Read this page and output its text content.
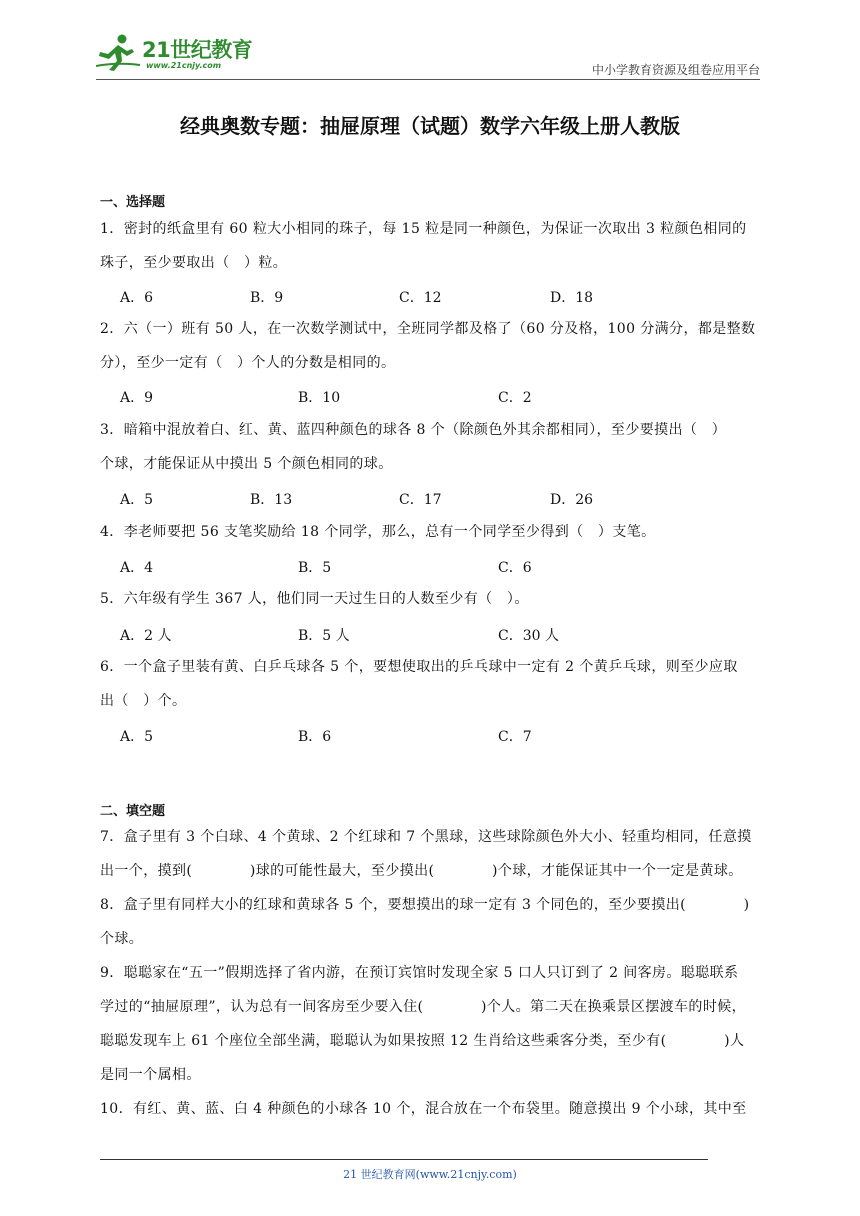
21世纪教育
www.21cnjy.com	中小学教育资源及组卷应用平台
经典奥数专题：抽屉原理（试题）数学六年级上册人教版
一、选择题
1．密封的纸盒里有 60 粒大小相同的珠子，每 15 粒是同一种颜色，为保证一次取出 3 粒颜色相同的
珠子，至少要取出（　）粒。
A．6	B．9	C．12	D．18
2．六（一）班有 50 人，在一次数学测试中，全班同学都及格了（60 分及格，100 分满分，都是整数
分），至少一定有（　）个人的分数是相同的。
A．9	B．10	C．2
3．暗箱中混放着白、红、黄、蓝四种颜色的球各 8 个（除颜色外其余都相同），至少要摸出（　）
个球，才能保证从中摸出 5 个颜色相同的球。
A．5	B．13	C．17	D．26
4．李老师要把 56 支笔奖励给 18 个同学，那么，总有一个同学至少得到（　）支笔。
A．4	B．5	C．6
5．六年级有学生 367 人，他们同一天过生日的人数至少有（　）。
A．2 人	B．5 人	C．30 人
6．一个盒子里装有黄、白乒乓球各 5 个，要想使取出的乒乓球中一定有 2 个黄乒乓球，则至少应取
出（　）个。
A．5	B．6	C．7
二、填空题
7．盒子里有 3 个白球、4 个黄球、2 个红球和 7 个黑球，这些球除颜色外大小、轻重均相同，任意摸
出一个，摸到(　　　　)球的可能性最大，至少摸出(　　　　)个球，才能保证其中一个一定是黄球。
8．盒子里有同样大小的红球和黄球各 5 个，要想摸出的球一定有 3 个同色的，至少要摸出(　　　　)
个球。
9．聪聪家在“五一”假期选择了省内游，在预订宾馆时发现全家 5 口人只订到了 2 间客房。聪聪联系
学过的“抽屉原理”，认为总有一间客房至少要入住(　　　　)个人。第二天在换乘景区摆渡车的时候，
聪聪发现车上 61 个座位全部坐满，聪聪认为如果按照 12 生肖给这些乘客分类，至少有(　　　　)人
是同一个属相。
10．有红、黄、蓝、白 4 种颜色的小球各 10 个，混合放在一个布袋里。随意摸出 9 个小球，其中至
21 世纪教育网(www.21cnjy.com)
